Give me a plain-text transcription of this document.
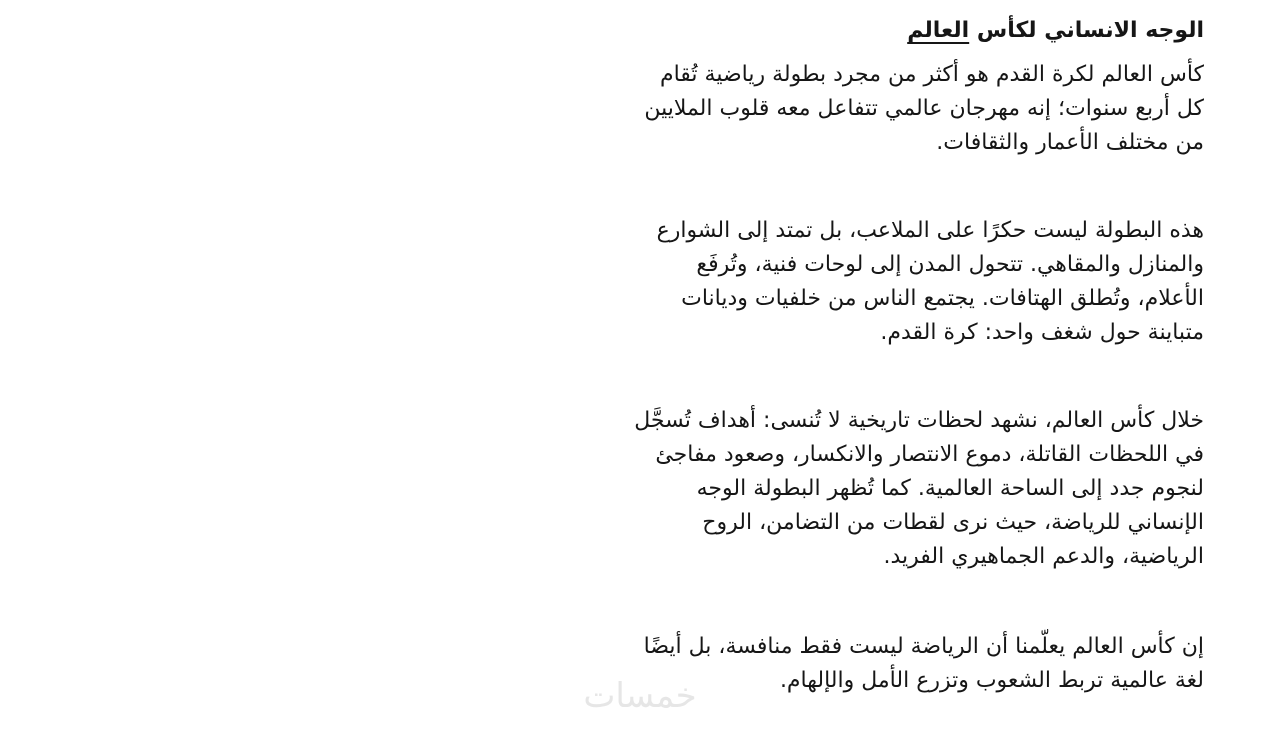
الوجه الانساني لكأس العالم

كأس العالم لكرة القدم هو أكثر من مجرد بطولة رياضية تُقام
كل أربع سنوات؛ إنه مهرجان عالمي تتفاعل معه قلوب الملايين
من مختلف الأعمار والثقافات.

هذه البطولة ليست حكرًا على الملاعب، بل تمتد إلى الشوارع
والمنازل والمقاهي. تتحول المدن إلى لوحات فنية، وتُرفَع
الأعلام، وتُطلق الهتافات. يجتمع الناس من خلفيات وديانات
متباينة حول شغف واحد: كرة القدم.

خلال كأس العالم، نشهد لحظات تاريخية لا تُنسى: أهداف تُسجَّل
في اللحظات القاتلة، دموع الانتصار والانكسار، وصعود مفاجئ
لنجوم جدد إلى الساحة العالمية. كما تُظهر البطولة الوجه
الإنساني للرياضة، حيث نرى لقطات من التضامن، الروح
الرياضية، والدعم الجماهيري الفريد.

إن كأس العالم يعلّمنا أن الرياضة ليست فقط منافسة، بل أيضًا
لغة عالمية تربط الشعوب وتزرع الأمل والإلهام.

خمسات
